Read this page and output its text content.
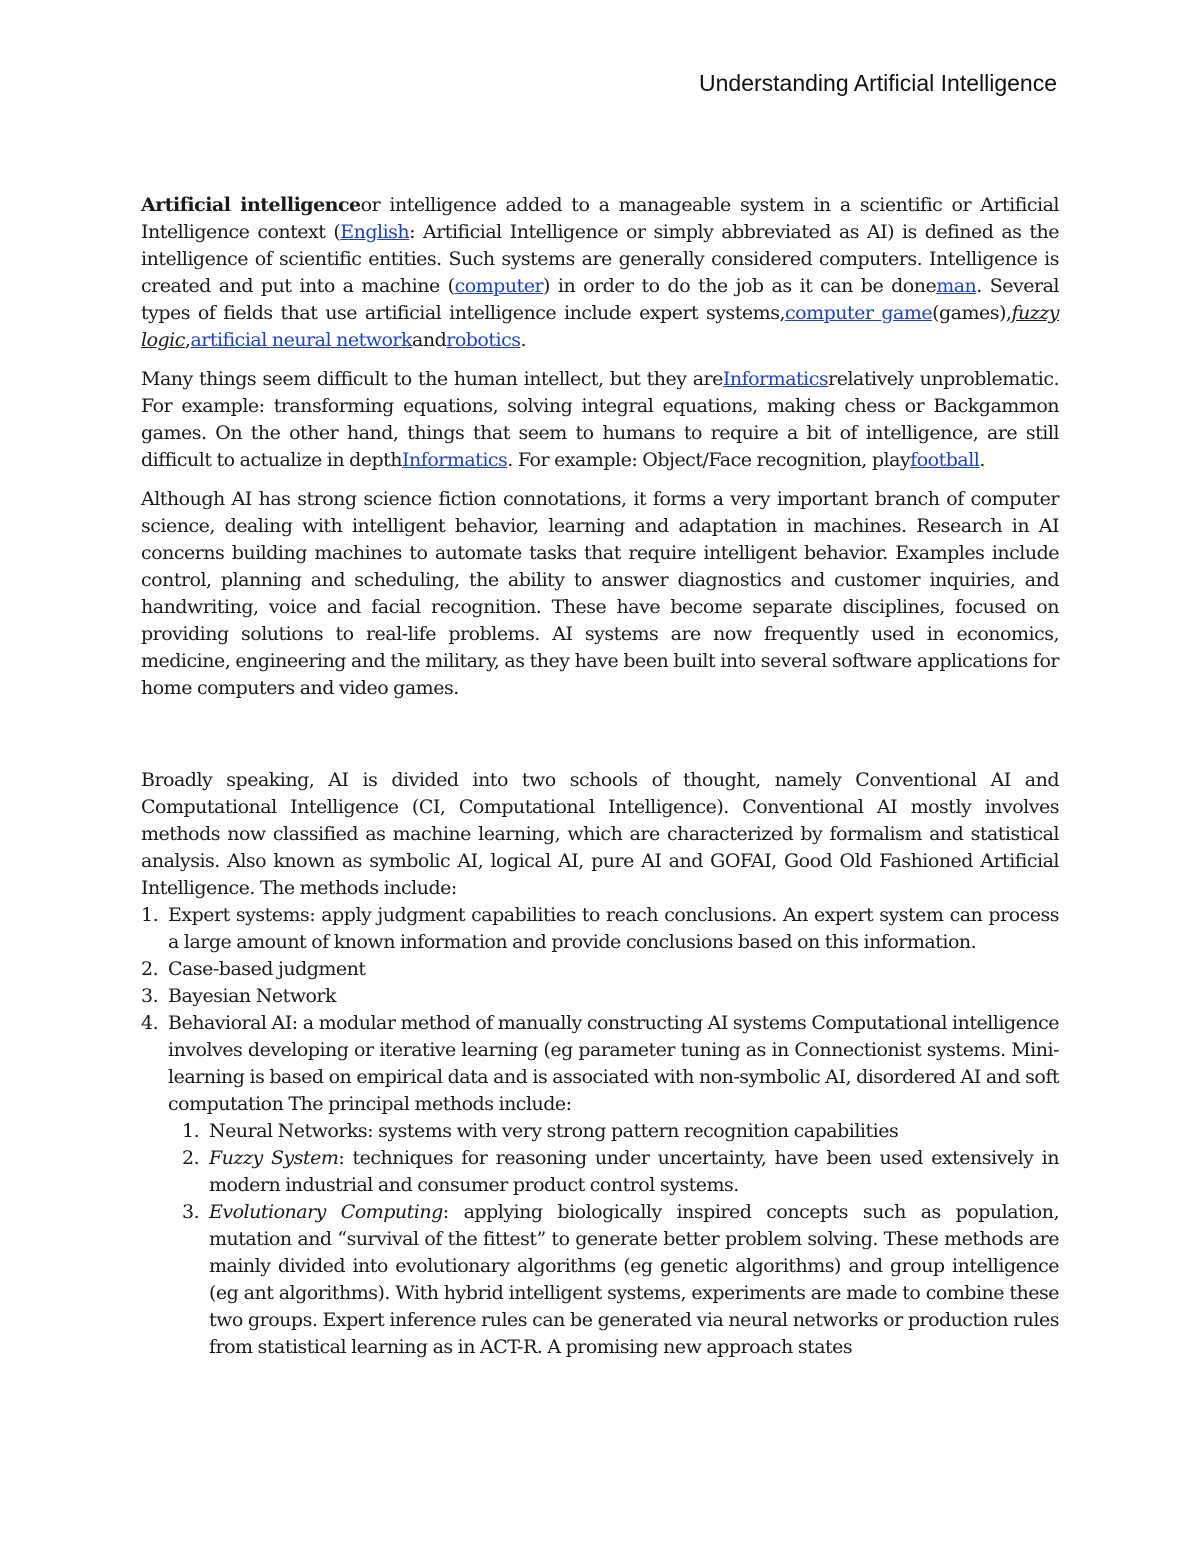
Understanding Artificial Intelligence

Artificial intelligenceor intelligence added to a manageable system in a scientific or Artificial Intelligence context (English: Artificial Intelligence or simply abbreviated as AI) is defined as the intelligence of scientific entities. Such systems are generally considered computers. Intelligence is created and put into a machine (computer) in order to do the job as it can be doneman. Several types of fields that use artificial intelligence include expert systems,computer game(games),fuzzy logic,artificial neural networkandrobotics.

Many things seem difficult to the human intellect, but they areInformaticsrelatively unproblematic. For example: transforming equations, solving integral equations, making chess or Backgammon games. On the other hand, things that seem to humans to require a bit of intelligence, are still difficult to actualize in depthInformatics. For example: Object/Face recognition, playfootball.

Although AI has strong science fiction connotations, it forms a very important branch of computer science, dealing with intelligent behavior, learning and adaptation in machines. Research in AI concerns building machines to automate tasks that require intelligent behavior. Examples include control, planning and scheduling, the ability to answer diagnostics and customer inquiries, and handwriting, voice and facial recognition. These have become separate disciplines, focused on providing solutions to real-life problems. AI systems are now frequently used in economics, medicine, engineering and the military, as they have been built into several software applications for home computers and video games.

Broadly speaking, AI is divided into two schools of thought, namely Conventional AI and Computational Intelligence (CI, Computational Intelligence). Conventional AI mostly involves methods now classified as machine learning, which are characterized by formalism and statistical analysis. Also known as symbolic AI, logical AI, pure AI and GOFAI, Good Old Fashioned Artificial Intelligence. The methods include:

1. Expert systems: apply judgment capabilities to reach conclusions. An expert system can process a large amount of known information and provide conclusions based on this information.
2. Case-based judgment
3. Bayesian Network
4. Behavioral AI: a modular method of manually constructing AI systems Computational intelligence involves developing or iterative learning (eg parameter tuning as in Connectionist systems. Mini-learning is based on empirical data and is associated with non-symbolic AI, disordered AI and soft computation The principal methods include:
1. Neural Networks: systems with very strong pattern recognition capabilities
2. Fuzzy System: techniques for reasoning under uncertainty, have been used extensively in modern industrial and consumer product control systems.
3. Evolutionary Computing: applying biologically inspired concepts such as population, mutation and “survival of the fittest” to generate better problem solving. These methods are mainly divided into evolutionary algorithms (eg genetic algorithms) and group intelligence (eg ant algorithms). With hybrid intelligent systems, experiments are made to combine these two groups. Expert inference rules can be generated via neural networks or production rules from statistical learning as in ACT-R. A promising new approach states
